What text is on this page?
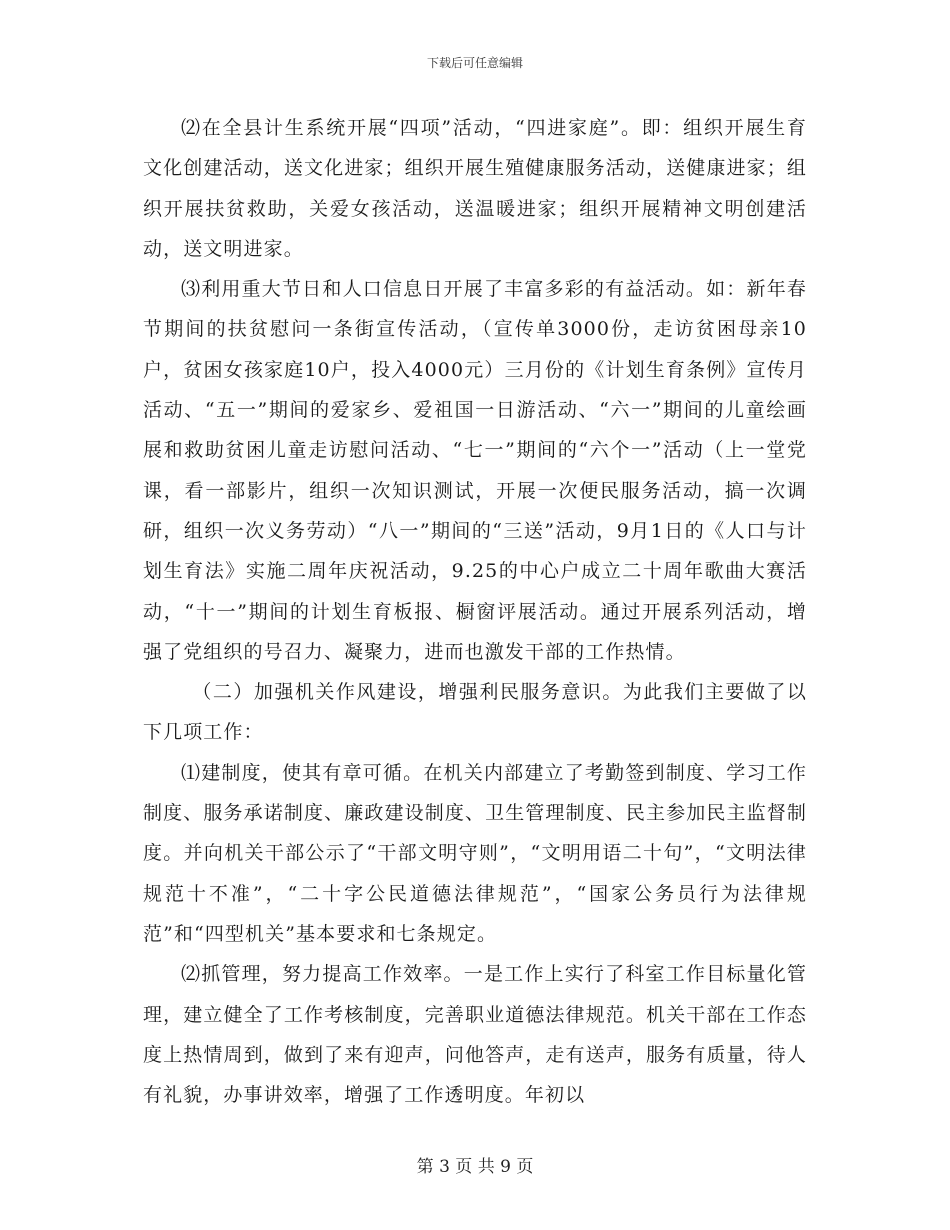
下载后可任意编辑

⑵在全县计生系统开展“四项”活动，“四进家庭”。即：组织开展生育文化创建活动，送文化进家；组织开展生殖健康服务活动，送健康进家；组织开展扶贫救助，关爱女孩活动，送温暖进家；组织开展精神文明创建活动，送文明进家。

⑶利用重大节日和人口信息日开展了丰富多彩的有益活动。如：新年春节期间的扶贫慰问一条街宣传活动，（宣传单3000份，走访贫困母亲10户，贫困女孩家庭10户，投入4000元）三月份的《计划生育条例》宣传月活动、“五一”期间的爱家乡、爱祖国一日游活动、“六一”期间的儿童绘画展和救助贫困儿童走访慰问活动、“七一”期间的“六个一”活动（上一堂党课，看一部影片，组织一次知识测试，开展一次便民服务活动，搞一次调研，组织一次义务劳动）“八一”期间的“三送”活动，9月1日的《人口与计划生育法》实施二周年庆祝活动，9.25的中心户成立二十周年歌曲大赛活动，“十一”期间的计划生育板报、橱窗评展活动。通过开展系列活动，增强了党组织的号召力、凝聚力，进而也激发干部的工作热情。

（二）加强机关作风建设，增强利民服务意识。为此我们主要做了以下几项工作：

⑴建制度，使其有章可循。在机关内部建立了考勤签到制度、学习工作制度、服务承诺制度、廉政建设制度、卫生管理制度、民主参加民主监督制度。并向机关干部公示了“干部文明守则”，“文明用语二十句”，“文明法律规范十不准”，“二十字公民道德法律规范”，“国家公务员行为法律规范”和“四型机关”基本要求和七条规定。

⑵抓管理，努力提高工作效率。一是工作上实行了科室工作目标量化管理，建立健全了工作考核制度，完善职业道德法律规范。机关干部在工作态度上热情周到，做到了来有迎声，问他答声，走有送声，服务有质量，待人有礼貌，办事讲效率，增强了工作透明度。年初以

第 3 页 共 9 页
